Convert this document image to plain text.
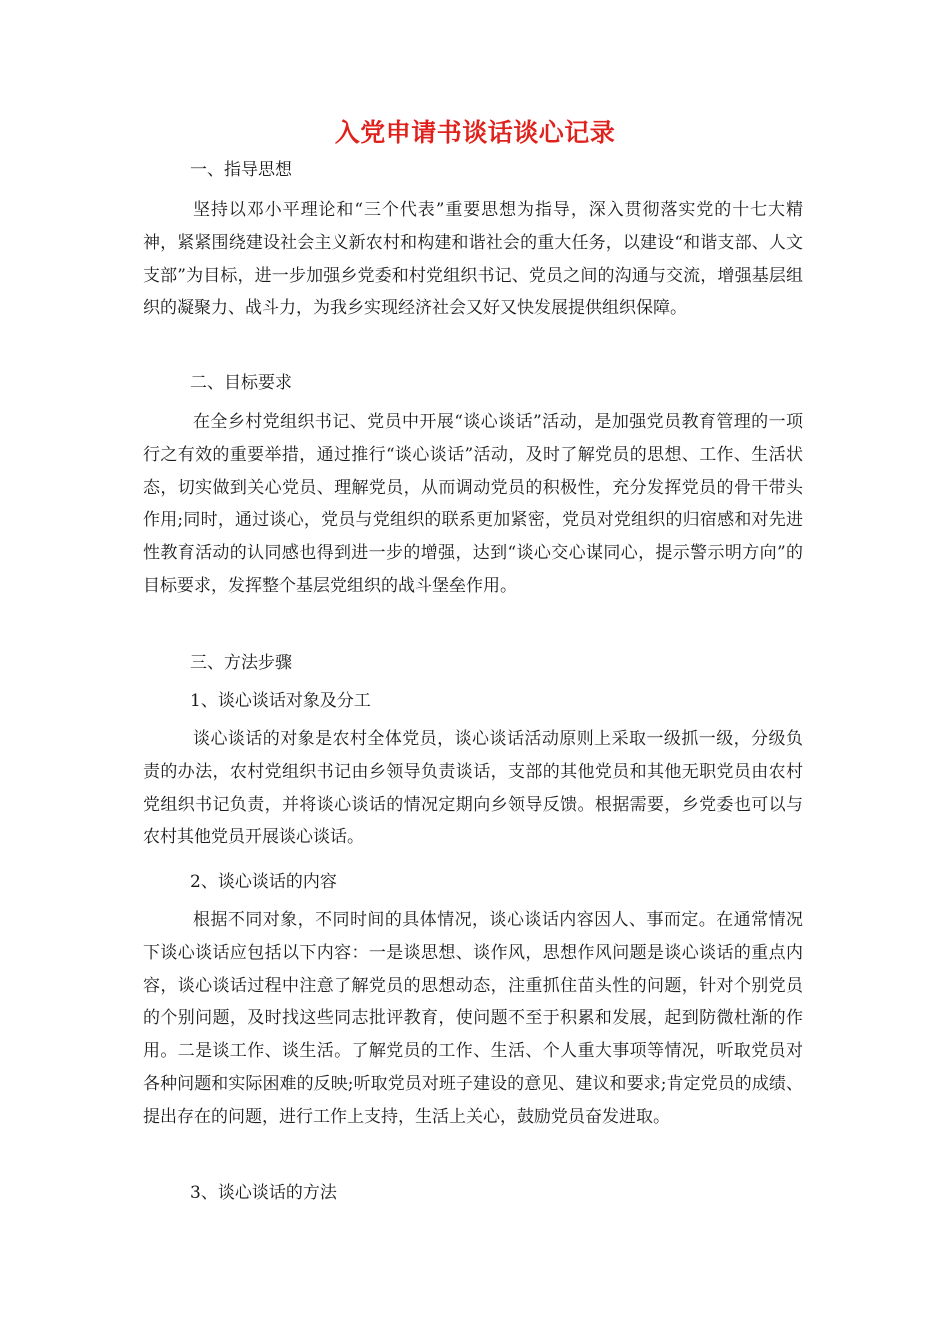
入党申请书谈话谈心记录
一、指导思想

坚持以邓小平理论和“三个代表”重要思想为指导，深入贯彻落实党的十七大精神，紧紧围绕建设社会主义新农村和构建和谐社会的重大任务，以建设“和谐支部、人文支部”为目标，进一步加强乡党委和村党组织书记、党员之间的沟通与交流，增强基层组织的凝聚力、战斗力，为我乡实现经济社会又好又快发展提供组织保障。

二、目标要求

在全乡村党组织书记、党员中开展“谈心谈话”活动，是加强党员教育管理的一项行之有效的重要举措，通过推行“谈心谈话”活动，及时了解党员的思想、工作、生活状态，切实做到关心党员、理解党员，从而调动党员的积极性，充分发挥党员的骨干带头作用;同时，通过谈心，党员与党组织的联系更加紧密，党员对党组织的归宿感和对先进性教育活动的认同感也得到进一步的增强，达到“谈心交心谋同心，提示警示明方向”的目标要求，发挥整个基层党组织的战斗堡垒作用。

三、方法步骤
1、谈心谈话对象及分工

谈心谈话的对象是农村全体党员，谈心谈话活动原则上采取一级抓一级，分级负责的办法，农村党组织书记由乡领导负责谈话，支部的其他党员和其他无职党员由农村党组织书记负责，并将谈心谈话的情况定期向乡领导反馈。根据需要，乡党委也可以与农村其他党员开展谈心谈话。

2、谈心谈话的内容

根据不同对象，不同时间的具体情况，谈心谈话内容因人、事而定。在通常情况下谈心谈话应包括以下内容：一是谈思想、谈作风，思想作风问题是谈心谈话的重点内容，谈心谈话过程中注意了解党员的思想动态，注重抓住苗头性的问题，针对个别党员的个别问题，及时找这些同志批评教育，使问题不至于积累和发展，起到防微杜渐的作用。二是谈工作、谈生活。了解党员的工作、生活、个人重大事项等情况，听取党员对各种问题和实际困难的反映;听取党员对班子建设的意见、建议和要求;肯定党员的成绩、提出存在的问题，进行工作上支持，生活上关心，鼓励党员奋发进取。

3、谈心谈话的方法
